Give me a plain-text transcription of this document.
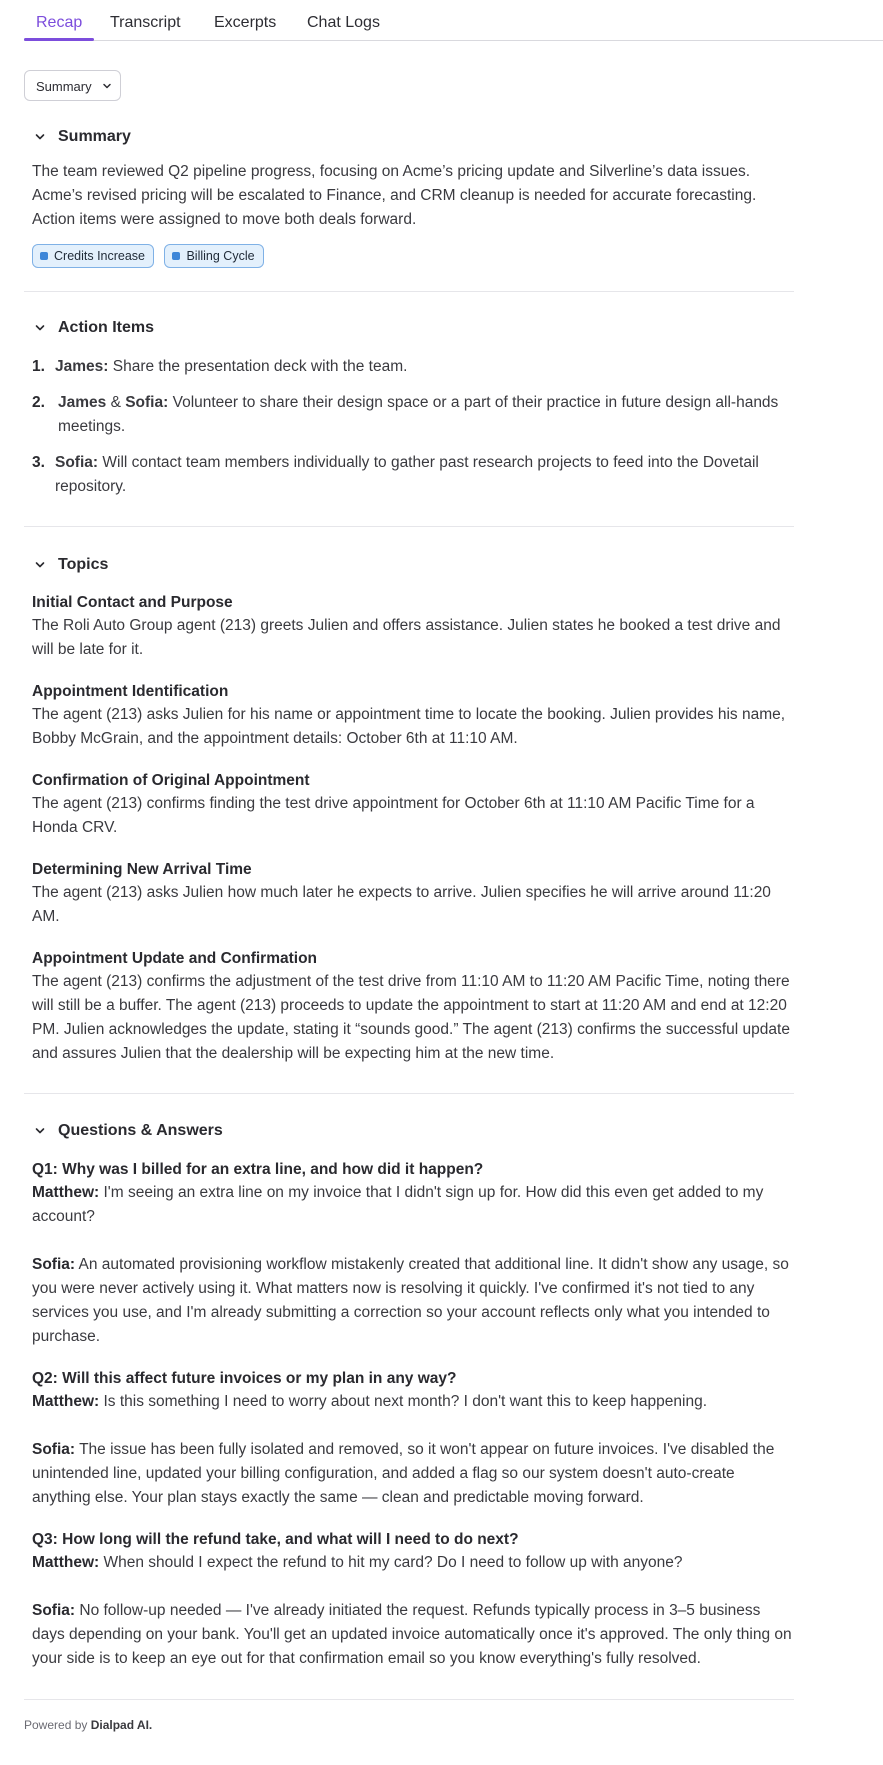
Recap Transcript Excerpts Chat Logs
Summary
Summary
The team reviewed Q2 pipeline progress, focusing on Acme’s pricing update and Silverline’s data issues. Acme’s revised pricing will be escalated to Finance, and CRM cleanup is needed for accurate forecasting. Action items were assigned to move both deals forward.
Credits Increase
	Billing Cycle
Action Items
1. James: Share the presentation deck with the team.
2. James & Sofia: Volunteer to share their design space or a part of their practice in future design all-hands meetings.
3. Sofia: Will contact team members individually to gather past research projects to feed into the Dovetail repository.
Topics
Initial Contact and Purpose
The Roli Auto Group agent (213) greets Julien and offers assistance. Julien states he booked a test drive and will be late for it.
Appointment Identification
The agent (213) asks Julien for his name or appointment time to locate the booking. Julien provides his name, Bobby McGrain, and the appointment details: October 6th at 11:10 AM.
Confirmation of Original Appointment
The agent (213) confirms finding the test drive appointment for October 6th at 11:10 AM Pacific Time for a Honda CRV.
Determining New Arrival Time
The agent (213) asks Julien how much later he expects to arrive. Julien specifies he will arrive around 11:20 AM.
Appointment Update and Confirmation
The agent (213) confirms the adjustment of the test drive from 11:10 AM to 11:20 AM Pacific Time, noting there will still be a buffer. The agent (213) proceeds to update the appointment to start at 11:20 AM and end at 12:20 PM. Julien acknowledges the update, stating it “sounds good.” The agent (213) confirms the successful update and assures Julien that the dealership will be expecting him at the new time.
Questions & Answers
Q1: Why was I billed for an extra line, and how did it happen?
Matthew: I'm seeing an extra line on my invoice that I didn't sign up for. How did this even get added to my account?
Sofia: An automated provisioning workflow mistakenly created that additional line. It didn't show any usage, so you were never actively using it. What matters now is resolving it quickly. I've confirmed it's not tied to any services you use, and I'm already submitting a correction so your account reflects only what you intended to purchase.
Q2: Will this affect future invoices or my plan in any way?
Matthew: Is this something I need to worry about next month? I don't want this to keep happening.
Sofia: The issue has been fully isolated and removed, so it won't appear on future invoices. I've disabled the unintended line, updated your billing configuration, and added a flag so our system doesn't auto-create anything else. Your plan stays exactly the same — clean and predictable moving forward.
Q3: How long will the refund take, and what will I need to do next?
Matthew: When should I expect the refund to hit my card? Do I need to follow up with anyone?
Sofia: No follow-up needed — I've already initiated the request. Refunds typically process in 3–5 business days depending on your bank. You'll get an updated invoice automatically once it's approved. The only thing on your side is to keep an eye out for that confirmation email so you know everything's fully resolved.
Powered by Dialpad AI.
